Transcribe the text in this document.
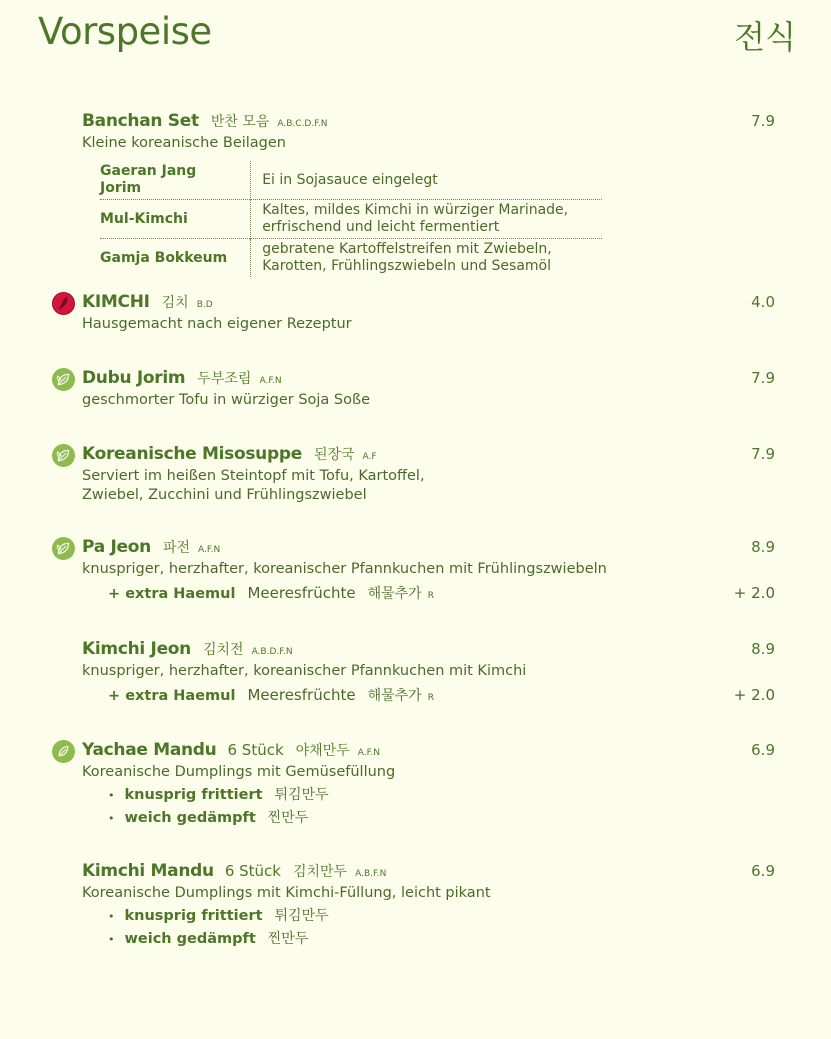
Vorspeise	전식
Banchan Set 반찬 모음 A.B.C.D.F.N	7.9
Kleine koreanische Beilagen
Gaeran Jang Jorim	Ei in Sojasauce eingelegt
Mul-Kimchi	Kaltes, mildes Kimchi in würziger Marinade, erfrischend und leicht fermentiert
Gamja Bokkeum	gebratene Kartoffelstreifen mit Zwiebeln, Karotten, Frühlingszwiebeln und Sesamöl
KIMCHI 김치 B.D	4.0
Hausgemacht nach eigener Rezeptur
Dubu Jorim 두부조림 A.F.N	7.9
geschmorter Tofu in würziger Soja Soße
Koreanische Misosuppe 된장국 A.F	7.9
Serviert im heißen Steintopf mit Tofu, Kartoffel, Zwiebel, Zucchini und Frühlingszwiebel
Pa Jeon 파전 A.F.N	8.9
knuspriger, herzhafter, koreanischer Pfannkuchen mit Frühlingszwiebeln
+ extra Haemul Meeresfrüchte 해물추가 R	+ 2.0
Kimchi Jeon 김치전 A.B.D.F.N	8.9
knuspriger, herzhafter, koreanischer Pfannkuchen mit Kimchi
+ extra Haemul Meeresfrüchte 해물추가 R	+ 2.0
Yachae Mandu 6 Stück 야채만두 A.F.N	6.9
Koreanische Dumplings mit Gemüsefüllung
• knusprig frittiert 튀김만두
• weich gedämpft 찐만두
Kimchi Mandu 6 Stück 김치만두 A.B.F.N	6.9
Koreanische Dumplings mit Kimchi-Füllung, leicht pikant
• knusprig frittiert 튀김만두
• weich gedämpft 찐만두
